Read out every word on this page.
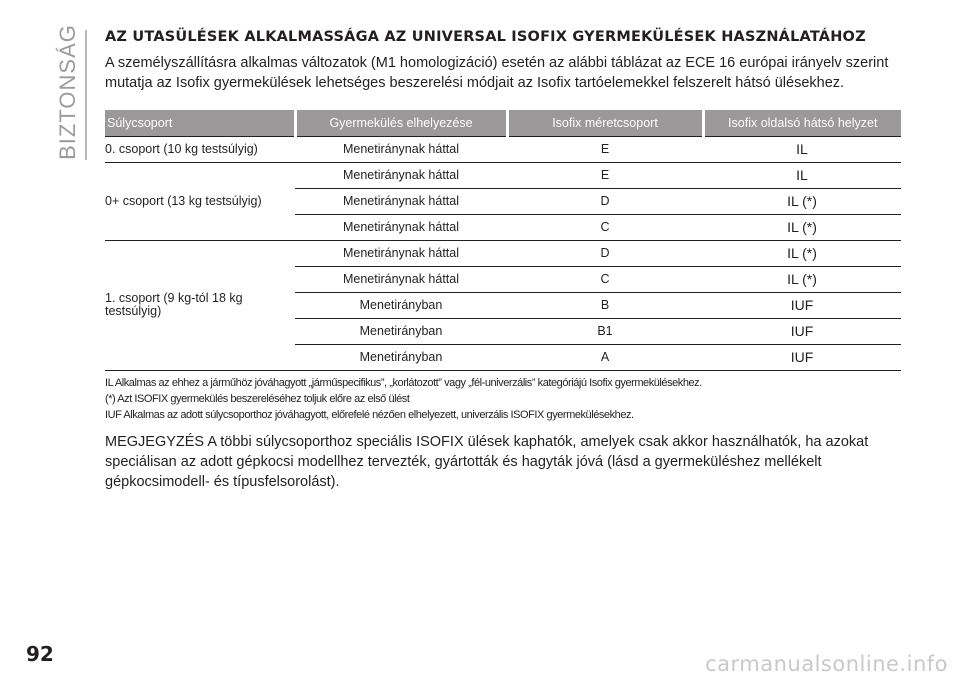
BIZTONSÁG AZ UTASÜLÉSEK ALKALMASSÁGA AZ UNIVERSAL ISOFIX GYERMEKÜLÉSEK HASZNÁLATÁHOZ

A személyszállításra alkalmas változatok (M1 homologizáció) esetén az alábbi táblázat az ECE 16 európai irányelv szerint mutatja az Isofix gyermekülések lehetséges beszerelési módjait az Isofix tartóelemekkel felszerelt hátsó ülésekhez.

Súlycsoport	Gyermekülés elhelyezése	Isofix méretcsoport	Isofix oldalsó hátsó helyzet
0. csoport (10 kg testsúlyig)	Menetiránynak háttal	E	IL
0+ csoport (13 kg testsúlyig)	Menetiránynak háttal	E	IL
	Menetiránynak háttal	D	IL (*)
	Menetiránynak háttal	C	IL (*)
1. csoport (9 kg-tól 18 kg testsúlyig)	Menetiránynak háttal	D	IL (*)
	Menetiránynak háttal	C	IL (*)
	Menetirányban	B	IUF
	Menetirányban	B1	IUF
	Menetirányban	A	IUF

IL Alkalmas az ehhez a járműhöz jóváhagyott „járműspecifikus”, „korlátozott” vagy „fél-univerzális” kategóriájú Isofix gyermekülésekhez.

(*) Azt ISOFIX gyermekülés beszereléséhez toljuk előre az első ülést

IUF Alkalmas az adott súlycsoporthoz jóváhagyott, előrefelé nézően elhelyezett, univerzális ISOFIX gyermekülésekhez.

MEGJEGYZÉS A többi súlycsoporthoz speciális ISOFIX ülések kaphatók, amelyek csak akkor használhatók, ha azokat speciálisan az adott gépkocsi modellhez tervezték, gyártották és hagyták jóvá (lásd a gyermeküléshez mellékelt gépkocsimodell- és típusfelsorolást).

92	carmanualsonline.info
